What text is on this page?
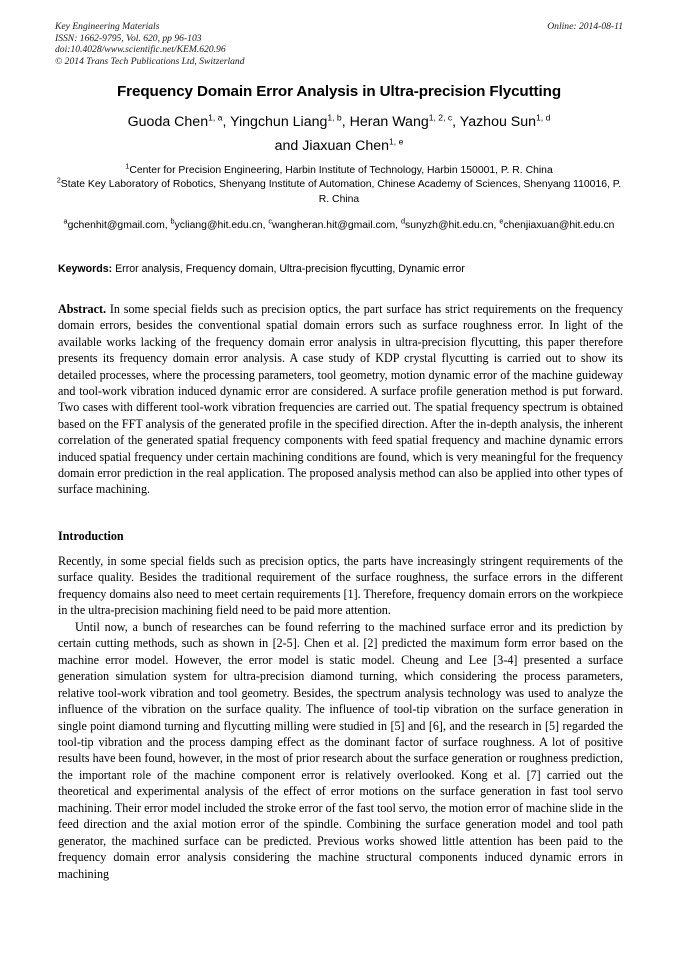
Key Engineering Materials	Online: 2014-08-11
ISSN: 1662-9795, Vol. 620, pp 96-103
doi:10.4028/www.scientific.net/KEM.620.96
© 2014 Trans Tech Publications Ltd, Switzerland
Frequency Domain Error Analysis in Ultra-precision Flycutting
Guoda Chen$^{1, a}$, Yingchun Liang$^{1, b}$, Heran Wang$^{1, 2, c}$, Yazhou Sun$^{1, d}$
and Jiaxuan Chen$^{1, e}$
$^1$Center for Precision Engineering, Harbin Institute of Technology, Harbin 150001, P. R. China
$^2$State Key Laboratory of Robotics, Shenyang Institute of Automation, Chinese Academy of Sciences, Shenyang 110016, P. R. China
$^a$gchenhit@gmail.com, $^b$ycliang@hit.edu.cn, $^c$wangheran.hit@gmail.com, $^d$sunyzh@hit.edu.cn, $^e$chenjiaxuan@hit.edu.cn
Keywords: Error analysis, Frequency domain, Ultra-precision flycutting, Dynamic error
Abstract. In some special fields such as precision optics, the part surface has strict requirements on the frequency domain errors, besides the conventional spatial domain errors such as surface roughness error. In light of the available works lacking of the frequency domain error analysis in ultra-precision flycutting, this paper therefore presents its frequency domain error analysis. A case study of KDP crystal flycutting is carried out to show its detailed processes, where the processing parameters, tool geometry, motion dynamic error of the machine guideway and tool-work vibration induced dynamic error are considered. A surface profile generation method is put forward. Two cases with different tool-work vibration frequencies are carried out. The spatial frequency spectrum is obtained based on the FFT analysis of the generated profile in the specified direction. After the in-depth analysis, the inherent correlation of the generated spatial frequency components with feed spatial frequency and machine dynamic errors induced spatial frequency under certain machining conditions are found, which is very meaningful for the frequency domain error prediction in the real application. The proposed analysis method can also be applied into other types of surface machining.
Introduction

Recently, in some special fields such as precision optics, the parts have increasingly stringent requirements of the surface quality. Besides the traditional requirement of the surface roughness, the surface errors in the different frequency domains also need to meet certain requirements [1]. Therefore, frequency domain errors on the workpiece in the ultra-precision machining field need to be paid more attention.

Until now, a bunch of researches can be found referring to the machined surface error and its prediction by certain cutting methods, such as shown in [2-5]. Chen et al. [2] predicted the maximum form error based on the machine error model. However, the error model is static model. Cheung and Lee [3-4] presented a surface generation simulation system for ultra-precision diamond turning, which considering the process parameters, relative tool-work vibration and tool geometry. Besides, the spectrum analysis technology was used to analyze the influence of the vibration on the surface quality. The influence of tool-tip vibration on the surface generation in single point diamond turning and flycutting milling were studied in [5] and [6], and the research in [5] regarded the tool-tip vibration and the process damping effect as the dominant factor of surface roughness. A lot of positive results have been found, however, in the most of prior research about the surface generation or roughness prediction, the important role of the machine component error is relatively overlooked. Kong et al. [7] carried out the theoretical and experimental analysis of the effect of error motions on the surface generation in fast tool servo machining. Their error model included the stroke error of the fast tool servo, the motion error of machine slide in the feed direction and the axial motion error of the spindle. Combining the surface generation model and tool path generator, the machined surface can be predicted. Previous works showed little attention has been paid to the frequency domain error analysis considering the machine structural components induced dynamic errors in machining
